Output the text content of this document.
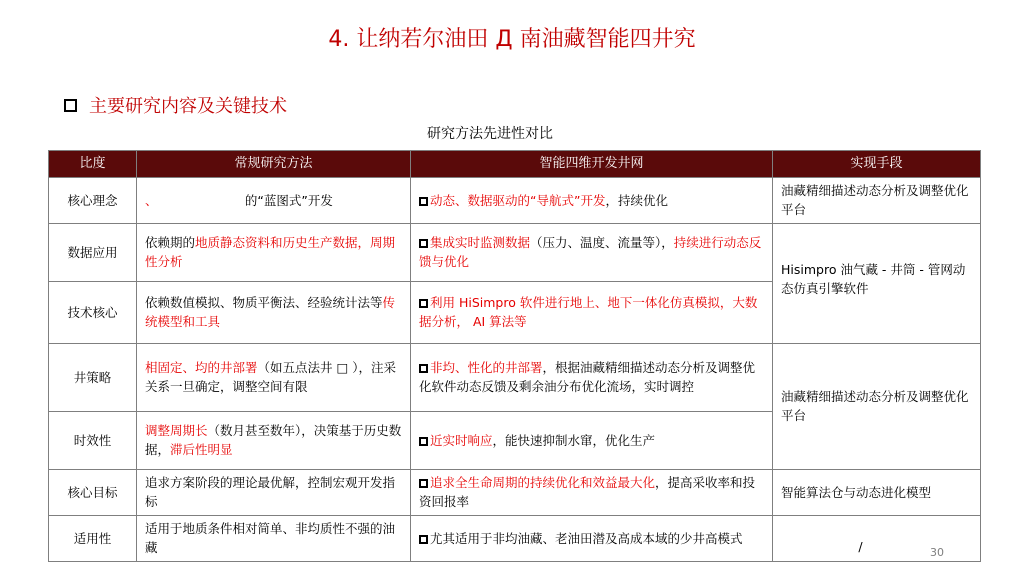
4. 让纳若尔油田 Д 南油藏智能四井究
主要研究内容及关键技术
研究方法先进性对比
比度	常规研究方法	智能四维开发井网	实现手段
核心理念	、                      的“蓝图式”开发	动态、数据驱动的“导航式”开发，持续优化	油藏精细描述动态分析及调整优化平台
数据应用	依赖期的地质静态资料和历史生产数据，周期性分析	集成实时监测数据（压力、温度、流量等），持续进行动态反馈与优化	Hisimpro 油气藏 - 井筒 - 管网动态仿真引擎软件
技术核心	依赖数值模拟、物质平衡法、经验统计法等传统模型和工具	利用 HiSimpro 软件进行地上、地下一体化仿真模拟，大数据分析， AI 算法等	
井策略	相固定、均的井部署（如五点法井 □ ），注采关系一旦确定，调整空间有限	非均、性化的井部署，根据油藏精细描述动态分析及调整优化软件动态反馈及剩余油分布优化流场，实时调控	油藏精细描述动态分析及调整优化平台
时效性	调整周期长（数月甚至数年），决策基于历史数据，滞后性明显	近实时响应，能快速抑制水窜，优化生产	
核心目标	追求方案阶段的理论最优解，控制宏观开发指标	追求全生命周期的持续优化和效益最大化，提高采收率和投资回报率	智能算法仓与动态进化模型
适用性	适用于地质条件相对简单、非均质性不强的油藏	尤其适用于非均油藏、老油田潜及高成本域的少井高模式	/	30
